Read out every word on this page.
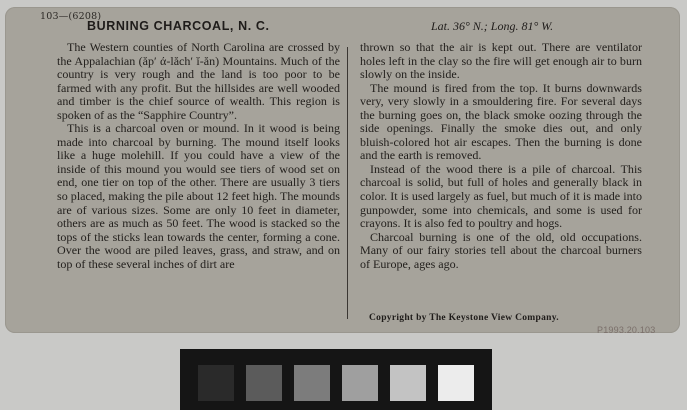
103—(6208)
BURNING CHARCOAL, N. C.	Lat. 36° N.; Long. 81° W.

The Western counties of North Carolina are crossed by the Appalachian (ăp′ ά-lăch′ ĭ-ăn) Mountains. Much of the country is very rough and the land is too poor to be farmed with any profit. But the hillsides are well wooded and timber is the chief source of wealth. This region is spoken of as the “Sapphire Country”.

This is a charcoal oven or mound. In it wood is being made into charcoal by burning. The mound itself looks like a huge molehill. If you could have a view of the inside of this mound you would see tiers of wood set on end, one tier on top of the other. There are usually 3 tiers so placed, making the pile about 12 feet high. The mounds are of various sizes. Some are only 10 feet in diameter, others are as much as 50 feet. The wood is stacked so the tops of the sticks lean towards the center, forming a cone. Over the wood are piled leaves, grass, and straw, and on top of these several inches of dirt are

thrown so that the air is kept out. There are ventilator holes left in the clay so the fire will get enough air to burn slowly on the inside.

The mound is fired from the top. It burns downwards very, very slowly in a smouldering fire. For several days the burning goes on, the black smoke oozing through the side openings. Finally the smoke dies out, and only bluish-colored hot air escapes. Then the burning is done and the earth is removed.

Instead of the wood there is a pile of charcoal. This charcoal is solid, but full of holes and generally black in color. It is used largely as fuel, but much of it is made into gunpowder, some into chemicals, and some is used for crayons. It is also fed to poultry and hogs.

Charcoal burning is one of the old, old occupations. Many of our fairy stories tell about the charcoal burners of Europe, ages ago.

Copyright by The Keystone View Company.
P1993.20.103
